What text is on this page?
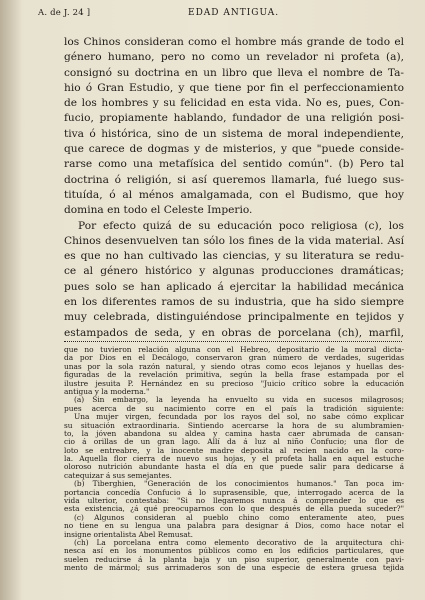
A. de J. 24 ]	EDAD ANTIGUA.
los Chinos consideran como el hombre más grande de todo el
género humano, pero no como un revelador ni profeta (a),
consignó su doctrina en un libro que lleva el nombre de Ta-
hio ó Gran Estudio, y que tiene por fin el perfeccionamiento
de los hombres y su felicidad en esta vida. No es, pues, Con-
fucio, propiamente hablando, fundador de una religión posi-
tiva ó histórica, sino de un sistema de moral independiente,
que carece de dogmas y de misterios, y que "puede conside-
rarse como una metafísica del sentido común". (b) Pero tal
doctrina ó religión, si así queremos llamarla, fué luego sus-
tituída, ó al ménos amalgamada, con el Budismo, que hoy
domina en todo el Celeste Imperio.
Por efecto quizá de su educación poco religiosa (c), los
Chinos desenvuelven tan sólo los fines de la vida material. Así
es que no han cultivado las ciencias, y su literatura se redu-
ce al género histórico y algunas producciones dramáticas;
pues solo se han aplicado á ejercitar la habilidad mecánica
en los diferentes ramos de su industria, que ha sido siempre
muy celebrada, distinguiéndose principalmente en tejidos y
estampados de seda, y en obras de porcelana (ch), marfil,
que no tuvieron relación alguna con el Hebreo, depositario de la moral dicta-
da por Dios en el Decálogo, conservaron gran número de verdades, sugeridas
unas por la sola razón natural, y siendo otras como ecos lejanos y huellas des-
figuradas de la revelación primitiva, según la bella frase estampada por el
ilustre jesuita P. Hernández en su precioso "Juicio crítico sobre la educación
antigua y la moderna."
(a) Sin embargo, la leyenda ha envuelto su vida en sucesos milagrosos;
pues acerca de su nacimiento corre en el país la tradición siguiente:
Una mujer virgen, fecundada por los rayos del sol, no sabe cómo explicar
su situación extraordinaria. Sintiendo acercarse la hora de su alumbramien-
to, la jóven abandona su aldea y camina hasta caer abrumada de cansan-
cio á orillas de un gran lago. Allí da á luz al niño Confucio; una flor de
loto se entreabre, y la inocente madre deposita al recien nacido en la coro-
la. Aquella flor cierra de nuevo sus hojas, y el profeta halla en aquel estuche
oloroso nutrición abundante hasta el día en que puede salir para dedicarse á
catequizar á sus semejantes.
(b) Tiberghien, "Generación de los conocimientos humanos." Tan poca im-
portancia concedía Confucio á lo suprasensible, que, interrogado acerca de la
vida ulterior, contestaba: "Si no llegaremos nunca á comprender lo que es
esta existencia, ¿á qué preocuparnos con lo que después de ella pueda suceder?"
(c) Algunos consideran al pueblo chino como enteramente ateo, pues
no tiene en su lengua una palabra para designar á Dios, como hace notar el
insigne orientalista Abel Remusat.
(ch) La porcelana entra como elemento decorativo de la arquitectura chi-
nesca así en los monumentos públicos como en los edificios particulares, que
suelen reducirse á la planta baja y un piso superior, generalmente con pavi-
mento de mármol; sus arrimaderos son de una especie de estera gruesa tejida
